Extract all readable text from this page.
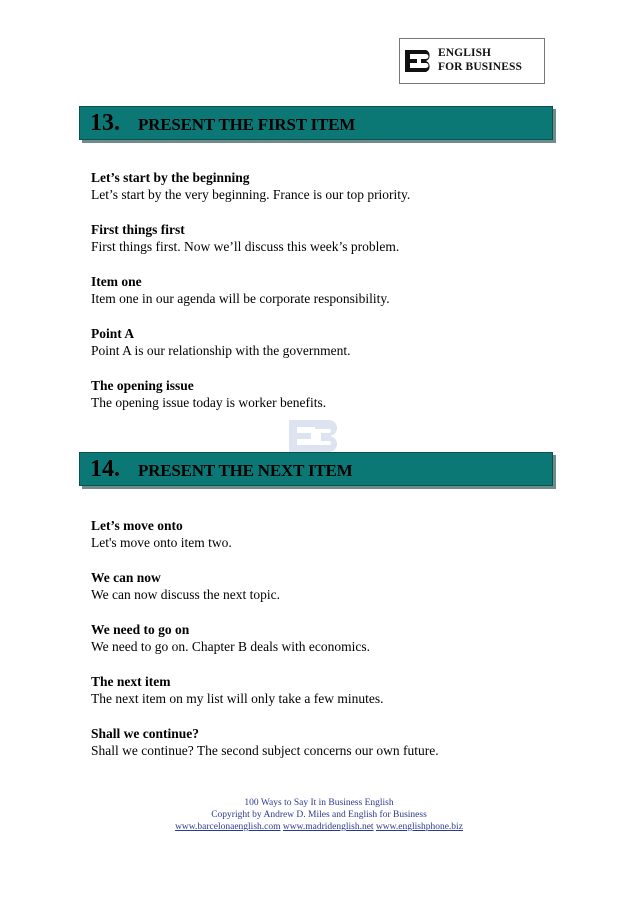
ENGLISH
FOR BUSINESS
13. PRESENT THE FIRST ITEM
Let’s start by the beginning
Let’s start by the very beginning. France is our top priority.
First things first
First things first. Now we’ll discuss this week’s problem.
Item one
Item one in our agenda will be corporate responsibility.
Point A
Point A is our relationship with the government.
The opening issue
The opening issue today is worker benefits.
14. PRESENT THE NEXT ITEM
Let’s move onto
Let's move onto item two.
We can now
We can now discuss the next topic.
We need to go on
We need to go on. Chapter B deals with economics.
The next item
The next item on my list will only take a few minutes.
Shall we continue?
Shall we continue? The second subject concerns our own future.
100 Ways to Say It in Business English
Copyright by Andrew D. Miles and English for Business
www.barcelonaenglish.com www.madridenglish.net www.englishphone.biz
